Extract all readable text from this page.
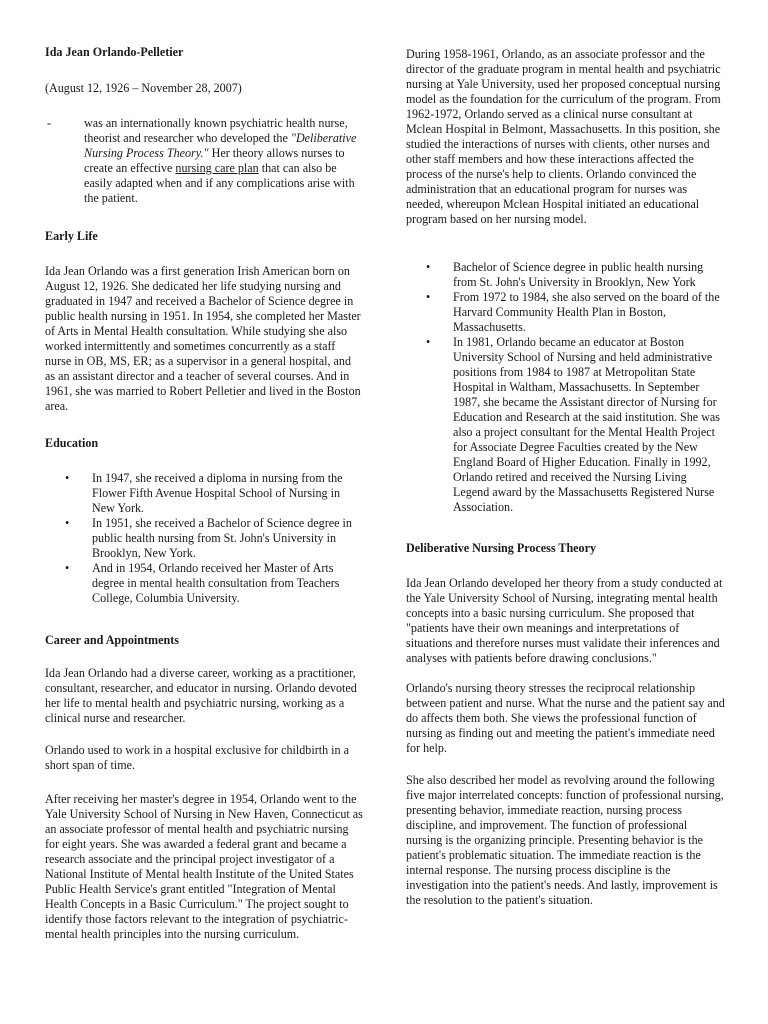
Ida Jean Orlando-Pelletier

(August 12, 1926 – November 28, 2007)

- was an internationally known psychiatric health nurse, theorist and researcher who developed the "Deliberative Nursing Process Theory." Her theory allows nurses to create an effective nursing care plan that can also be easily adapted when and if any complications arise with the patient.
Early Life

Ida Jean Orlando was a first generation Irish American born on August 12, 1926. She dedicated her life studying nursing and graduated in 1947 and received a Bachelor of Science degree in public health nursing in 1951. In 1954, she completed her Master of Arts in Mental Health consultation. While studying she also worked intermittently and sometimes concurrently as a staff nurse in OB, MS, ER; as a supervisor in a general hospital, and as an assistant director and a teacher of several courses. And in 1961, she was married to Robert Pelletier and lived in the Boston area.

Education
• In 1947, she received a diploma in nursing from the Flower Fifth Avenue Hospital School of Nursing in New York.
• In 1951, she received a Bachelor of Science degree in public health nursing from St. John's University in Brooklyn, New York.
• And in 1954, Orlando received her Master of Arts degree in mental health consultation from Teachers College, Columbia University.
Career and Appointments

Ida Jean Orlando had a diverse career, working as a practitioner, consultant, researcher, and educator in nursing. Orlando devoted her life to mental health and psychiatric nursing, working as a clinical nurse and researcher.

Orlando used to work in a hospital exclusive for childbirth in a short span of time.

After receiving her master's degree in 1954, Orlando went to the Yale University School of Nursing in New Haven, Connecticut as an associate professor of mental health and psychiatric nursing for eight years. She was awarded a federal grant and became a research associate and the principal project investigator of a National Institute of Mental health Institute of the United States Public Health Service's grant entitled "Integration of Mental Health Concepts in a Basic Curriculum." The project sought to identify those factors relevant to the integration of psychiatric-mental health principles into the nursing curriculum.

During 1958-1961, Orlando, as an associate professor and the director of the graduate program in mental health and psychiatric nursing at Yale University, used her proposed conceptual nursing model as the foundation for the curriculum of the program. From 1962-1972, Orlando served as a clinical nurse consultant at Mclean Hospital in Belmont, Massachusetts. In this position, she studied the interactions of nurses with clients, other nurses and other staff members and how these interactions affected the process of the nurse's help to clients. Orlando convinced the administration that an educational program for nurses was needed, whereupon Mclean Hospital initiated an educational program based on her nursing model.

• Bachelor of Science degree in public health nursing from St. John's University in Brooklyn, New York
• From 1972 to 1984, she also served on the board of the Harvard Community Health Plan in Boston, Massachusetts.
• In 1981, Orlando became an educator at Boston University School of Nursing and held administrative positions from 1984 to 1987 at Metropolitan State Hospital in Waltham, Massachusetts. In September 1987, she became the Assistant director of Nursing for Education and Research at the said institution. She was also a project consultant for the Mental Health Project for Associate Degree Faculties created by the New England Board of Higher Education. Finally in 1992, Orlando retired and received the Nursing Living Legend award by the Massachusetts Registered Nurse Association.
Deliberative Nursing Process Theory

Ida Jean Orlando developed her theory from a study conducted at the Yale University School of Nursing, integrating mental health concepts into a basic nursing curriculum. She proposed that "patients have their own meanings and interpretations of situations and therefore nurses must validate their inferences and analyses with patients before drawing conclusions."

Orlando's nursing theory stresses the reciprocal relationship between patient and nurse. What the nurse and the patient say and do affects them both. She views the professional function of nursing as finding out and meeting the patient's immediate need for help.

She also described her model as revolving around the following five major interrelated concepts: function of professional nursing, presenting behavior, immediate reaction, nursing process discipline, and improvement. The function of professional nursing is the organizing principle. Presenting behavior is the patient's problematic situation. The immediate reaction is the internal response. The nursing process discipline is the investigation into the patient's needs. And lastly, improvement is the resolution to the patient's situation.
